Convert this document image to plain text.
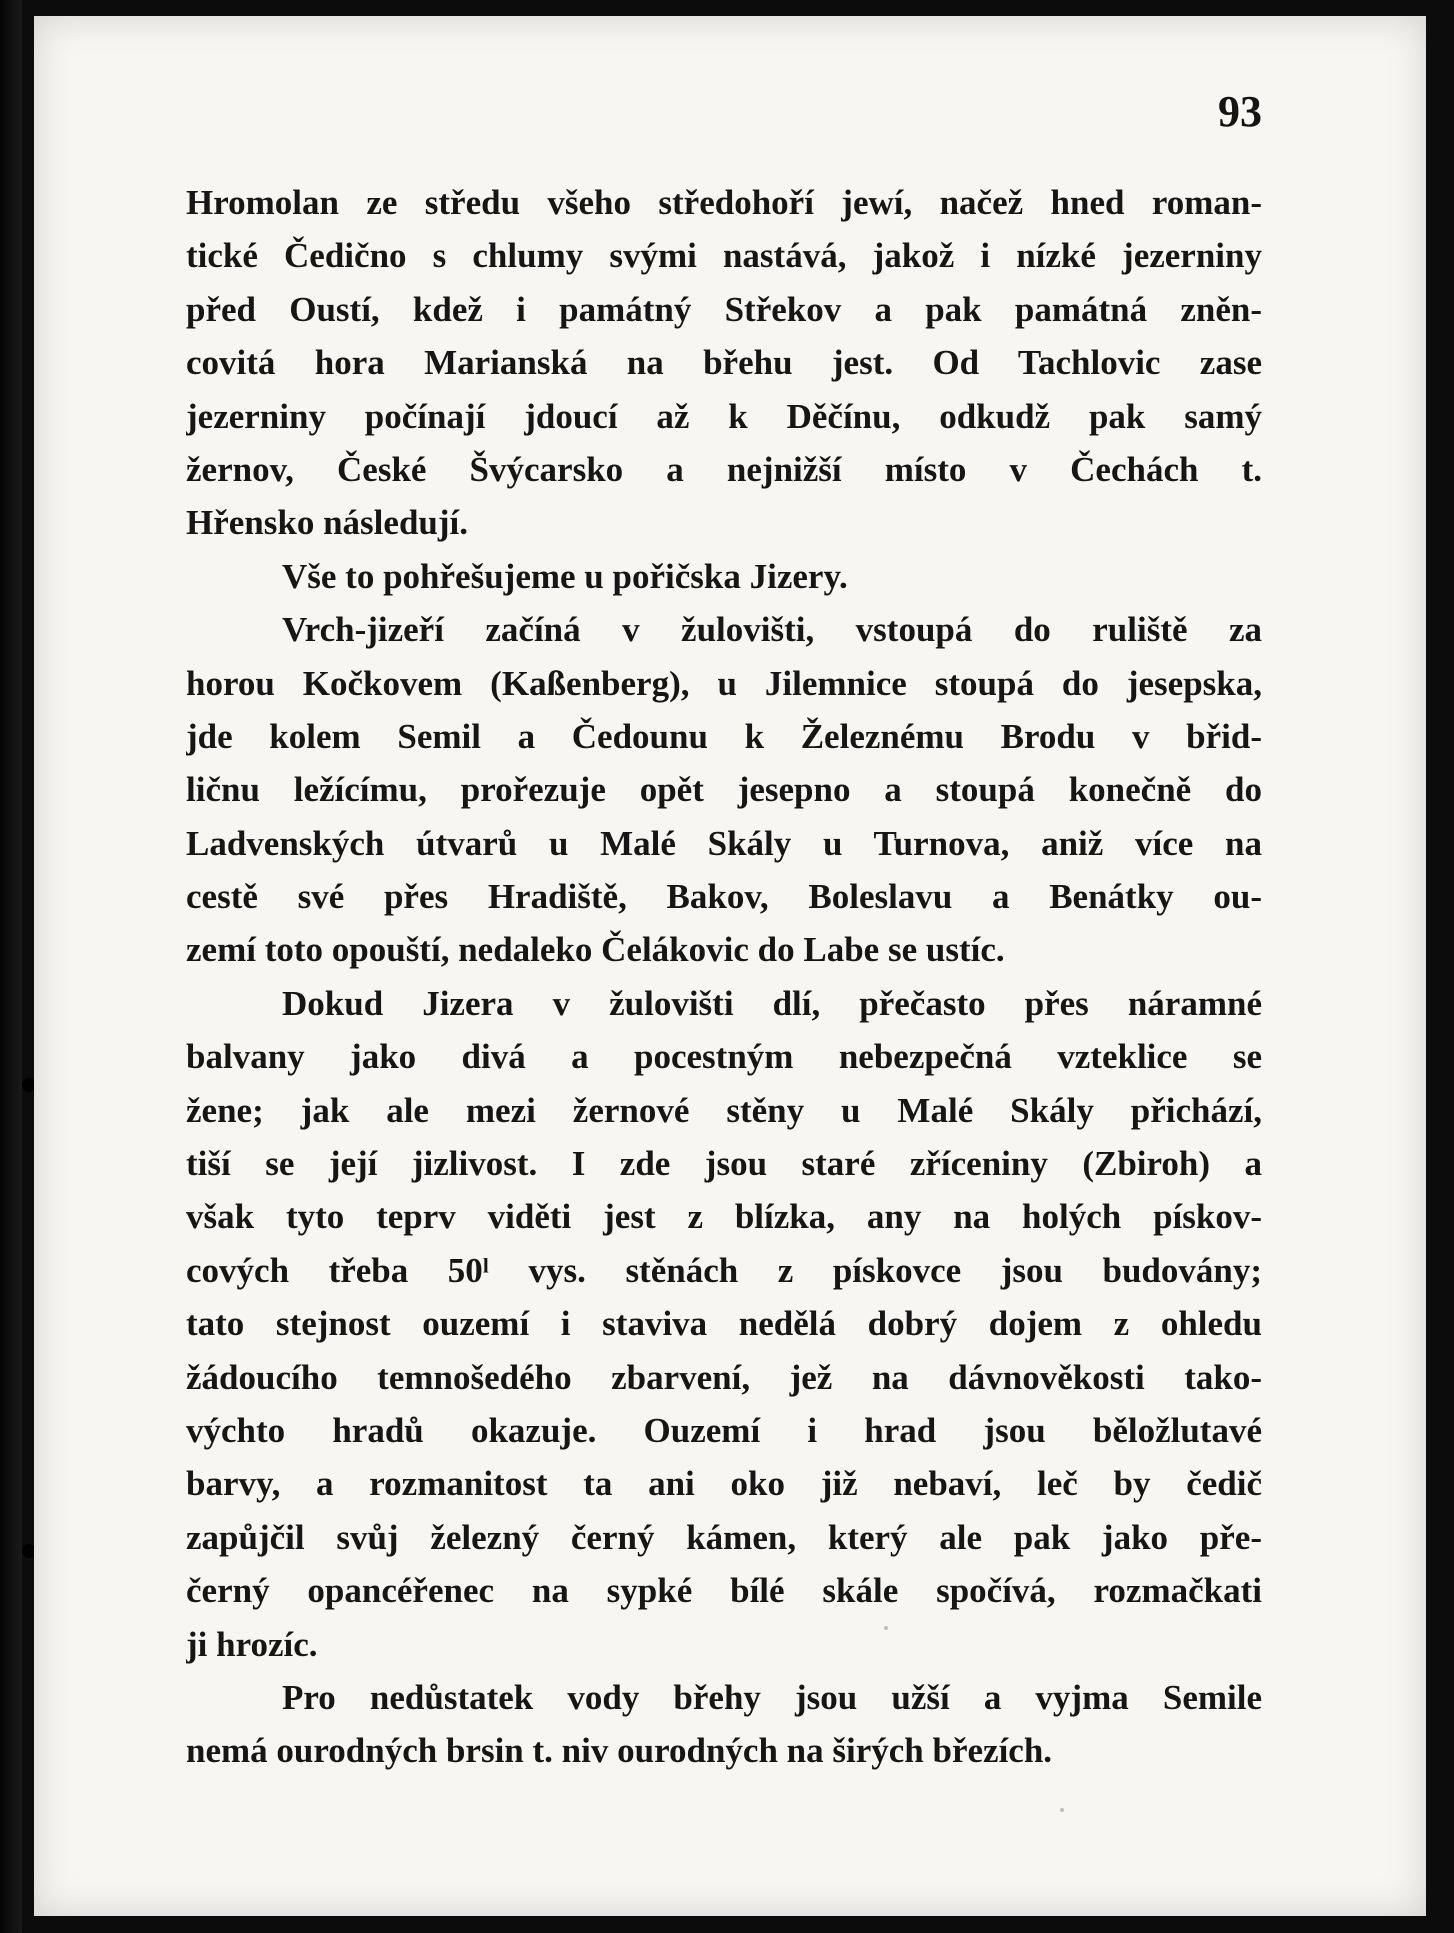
93
Hromolan ze středu všeho středohoří jewí, načež hned roman-
tické Čedično s chlumy svými nastává, jakož i nízké jezerniny
před Oustí, kdež i památný Střekov a pak památná zněn-
covitá hora Marianská na břehu jest. Od Tachlovic zase
jezerniny počínají jdoucí až k Děčínu, odkudž pak samý
žernov, České Švýcarsko a nejnižší místo v Čechách t.
Hřensko následují.
Vše to pohřešujeme u pořičska Jizery.
Vrch-jizeří začíná v žulovišti, vstoupá do ruliště za
horou Kočkovem (Kaßenberg), u Jilemnice stoupá do jesepska,
jde kolem Semil a Čedounu k Železnému Brodu v břid-
ličnu ležícímu, prořezuje opět jesepno a stoupá konečně do
Ladvenských útvarů u Malé Skály u Turnova, aniž více na
cestě své přes Hradiště, Bakov, Boleslavu a Benátky ou-
zemí toto opouští, nedaleko Čelákovic do Labe se ustíc.
Dokud Jizera v žulovišti dlí, přečasto přes náramné
balvany jako divá a pocestným nebezpečná vzteklice se
žene; jak ale mezi žernové stěny u Malé Skály přichází,
tiší se její jizlivost. I zde jsou staré zříceniny (Zbiroh) a
však tyto teprv viděti jest z blízka, any na holých pískov-
cových třeba 50ˡ vys. stěnách z pískovce jsou budovány;
tato stejnost ouzemí i staviva nedělá dobrý dojem z ohledu
žádoucího temnošedého zbarvení, jež na dávnověkosti tako-
výchto hradů okazuje. Ouzemí i hrad jsou běložlutavé
barvy, a rozmanitost ta ani oko již nebaví, leč by čedič
zapůjčil svůj železný černý kámen, který ale pak jako pře-
černý opancéřenec na sypké bílé skále spočívá, rozmačkati
ji hrozíc.
Pro nedůstatek vody břehy jsou užší a vyjma Semile
nemá ourodných brsin t. niv ourodných na širých březích.
